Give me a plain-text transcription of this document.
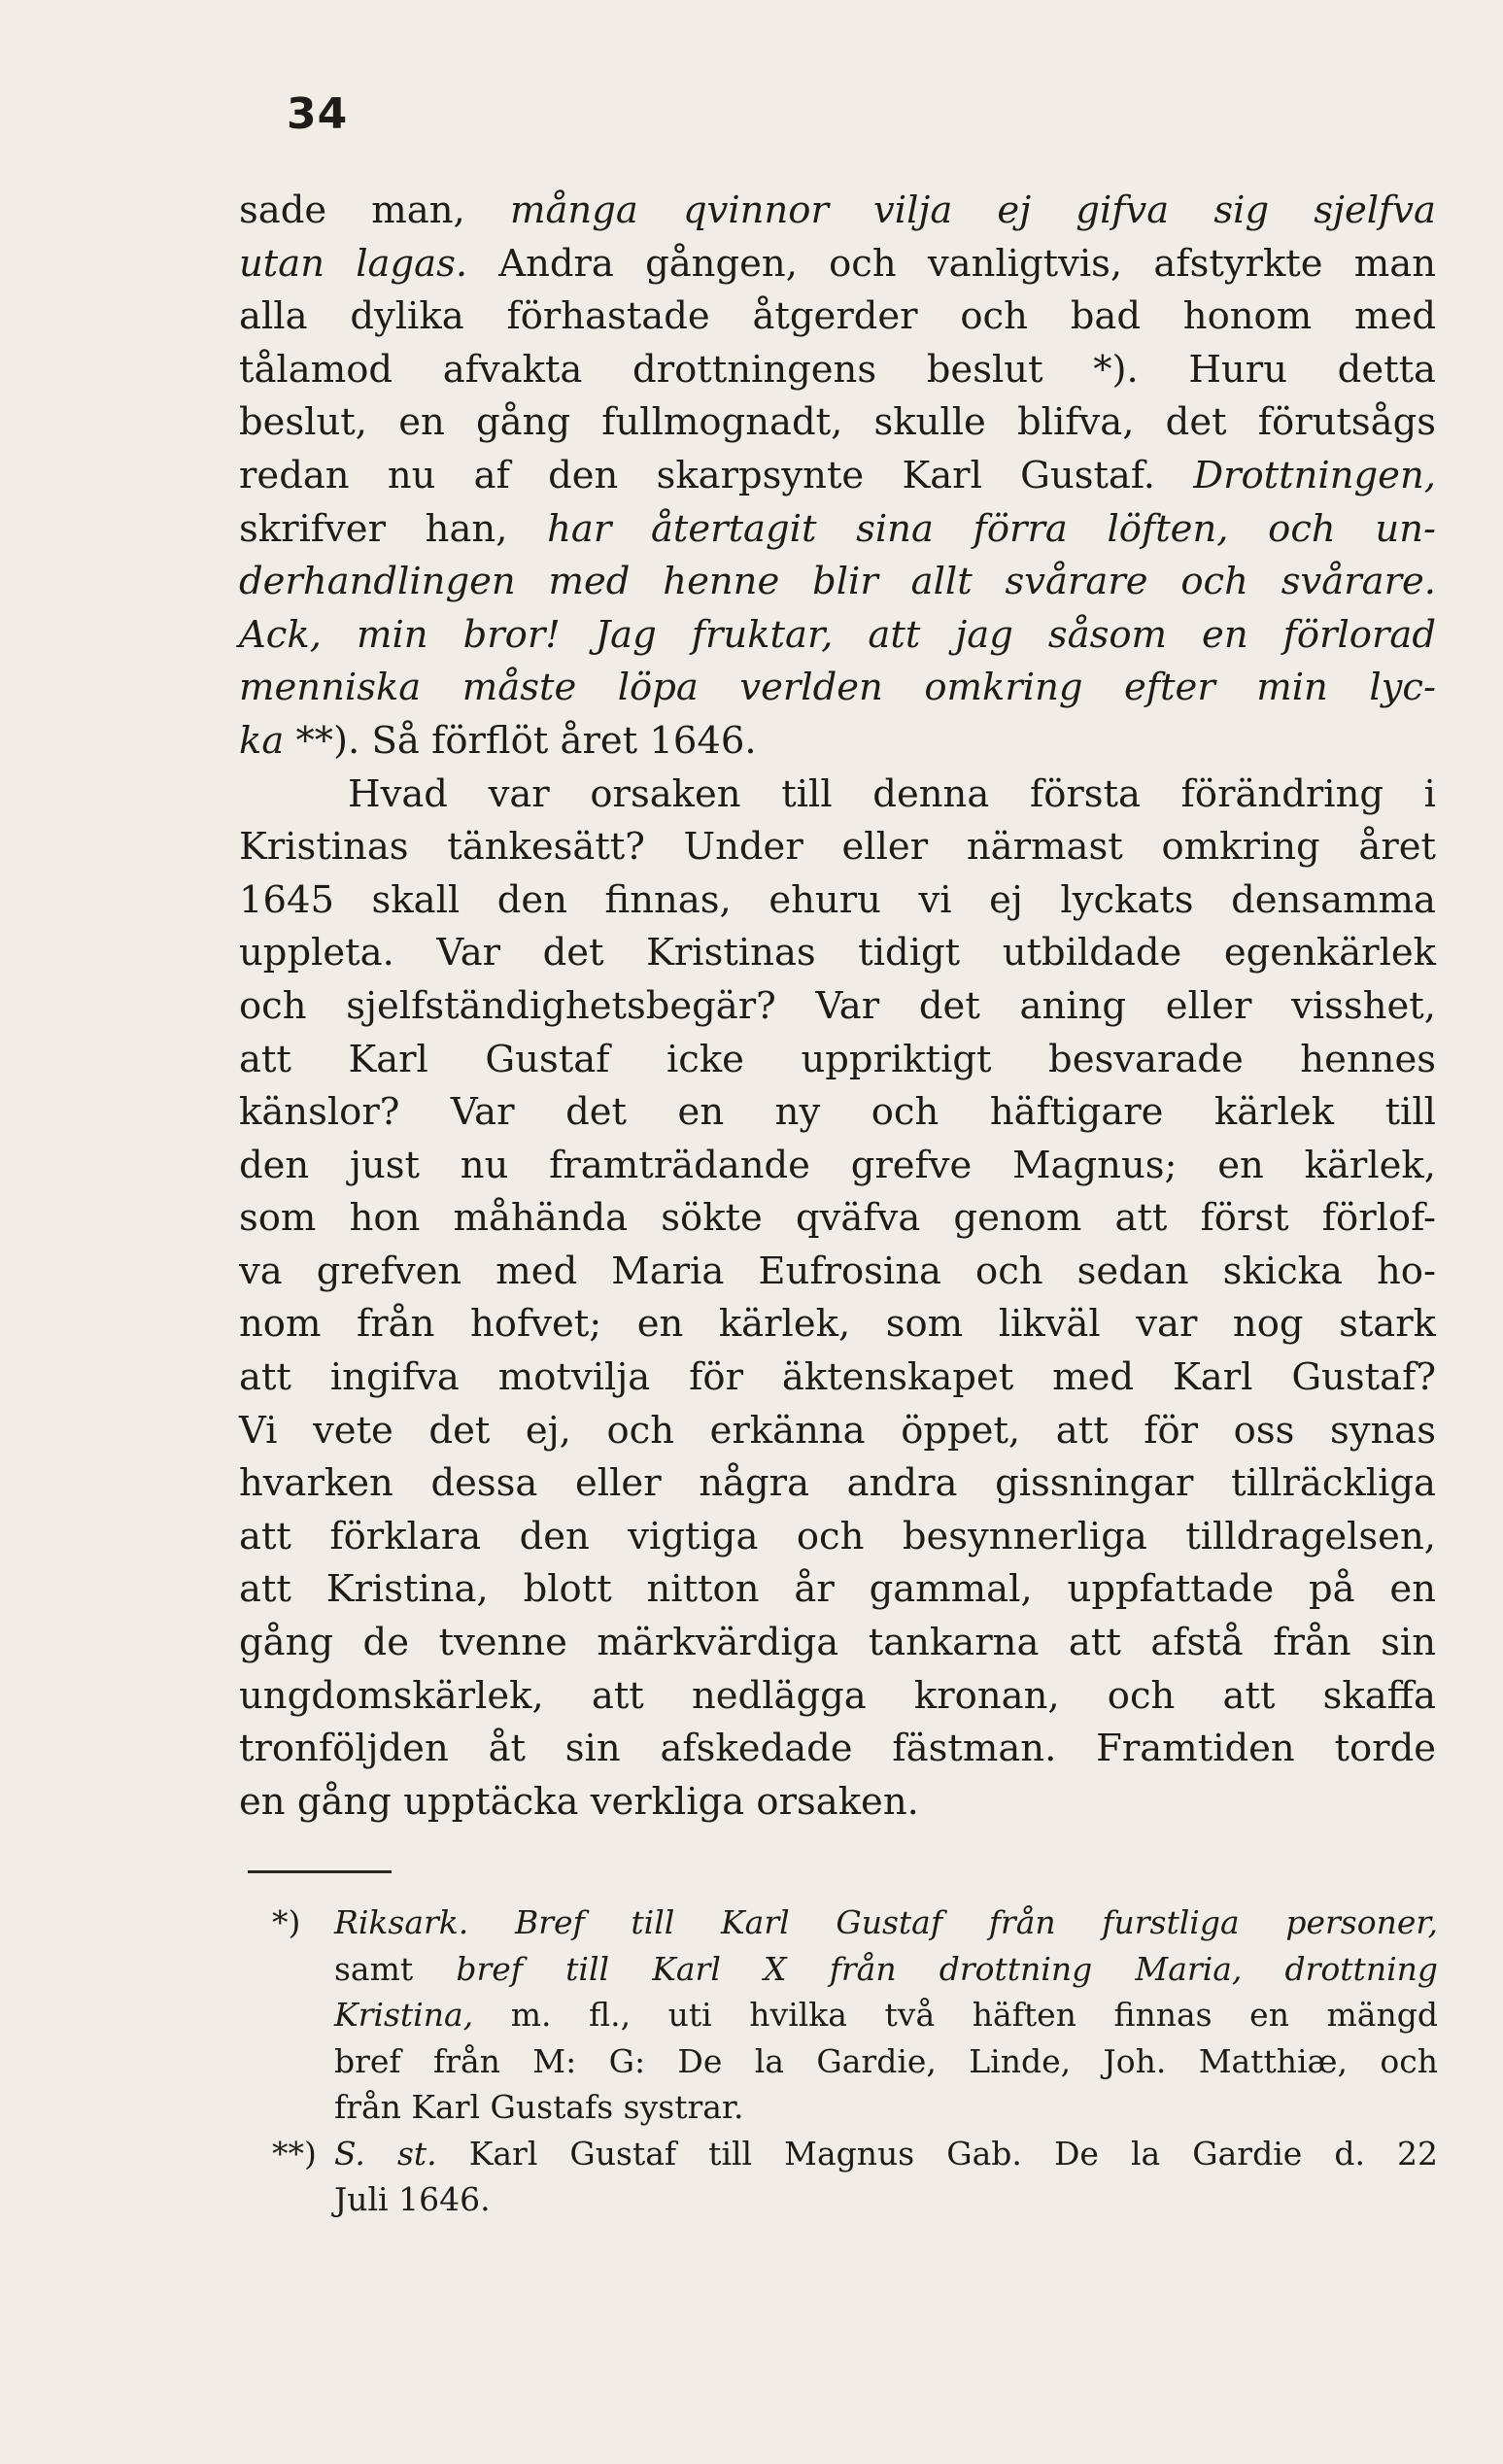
34
sade man, många qvinnor vilja ej gifva sig sjelfva
utan lagas. Andra gången, och vanligtvis, afstyrkte man
alla dylika förhastade åtgerder och bad honom med
tålamod afvakta drottningens beslut *). Huru detta
beslut, en gång fullmognadt, skulle blifva, det förutsågs
redan nu af den skarpsynte Karl Gustaf. Drottningen,
skrifver han, har återtagit sina förra löften, och un-
derhandlingen med henne blir allt svårare och svårare.
Ack, min bror! Jag fruktar, att jag såsom en förlorad
menniska måste löpa verlden omkring efter min lyc-
ka **). Så förflöt året 1646.
Hvad var orsaken till denna första förändring i
Kristinas tänkesätt? Under eller närmast omkring året
1645 skall den finnas, ehuru vi ej lyckats densamma
uppleta. Var det Kristinas tidigt utbildade egenkärlek
och sjelfständighetsbegär? Var det aning eller visshet,
att Karl Gustaf icke uppriktigt besvarade hennes
känslor? Var det en ny och häftigare kärlek till
den just nu framträdande grefve Magnus; en kärlek,
som hon måhända sökte qväfva genom att först förlof-
va grefven med Maria Eufrosina och sedan skicka ho-
nom från hofvet; en kärlek, som likväl var nog stark
att ingifva motvilja för äktenskapet med Karl Gustaf?
Vi vete det ej, och erkänna öppet, att för oss synas
hvarken dessa eller några andra gissningar tillräckliga
att förklara den vigtiga och besynnerliga tilldragelsen,
att Kristina, blott nitton år gammal, uppfattade på en
gång de tvenne märkvärdiga tankarna att afstå från sin
ungdomskärlek, att nedlägga kronan, och att skaffa
tronföljden åt sin afskedade fästman. Framtiden torde
en gång upptäcka verkliga orsaken.
*) Riksark. Bref till Karl Gustaf från furstliga personer,
samt bref till Karl X från drottning Maria, drottning
Kristina, m. fl., uti hvilka två häften finnas en mängd
bref från M: G: De la Gardie, Linde, Joh. Matthiæ, och
från Karl Gustafs systrar.
**) S. st. Karl Gustaf till Magnus Gab. De la Gardie d. 22
Juli 1646.
